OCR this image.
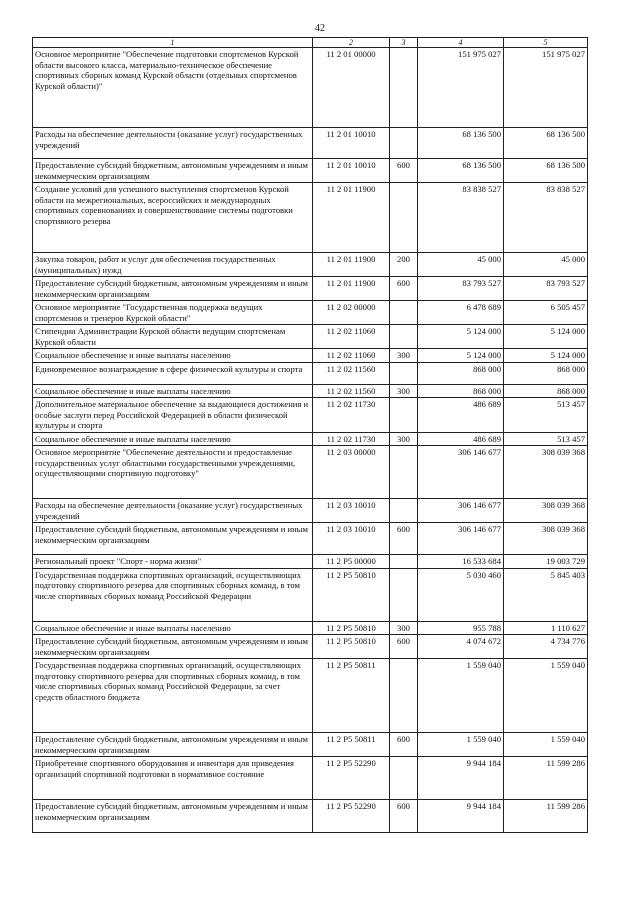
42
1	2	3	4	5
Основное мероприятие "Обеспечение подготовки спортсменов Курской области высокого класса, материально-техническое обеспечение спортивных сборных команд Курской области (отдельных спортсменов Курской области)"	11 2 01 00000		151 975 027	151 975 027
Расходы на обеспечение деятельности (оказание услуг) государственных учреждений	11 2 01 10010		68 136 500	68 136 500
Предоставление субсидий бюджетным, автономным учреждениям и иным некоммерческим организациям	11 2 01 10010	600	68 136 500	68 136 500
Создание условий для успешного выступления спортсменов Курской области на межрегиональных, всероссийских и международных спортивных соревнованиях и совершенствование системы подготовки спортивного резерва	11 2 01 11900		83 838 527	83 838 527
Закупка товаров, работ и услуг для обеспечения государственных (муниципальных) нужд	11 2 01 11900	200	45 000	45 000
Предоставление субсидий бюджетным, автономным учреждениям и иным некоммерческим организациям	11 2 01 11900	600	83 793 527	83 793 527
Основное мероприятие "Государственная поддержка ведущих спортсменов и тренеров Курской области"	11 2 02 00000		6 478 689	6 505 457
Стипендии Администрации Курской области ведущим спортсменам Курской области	11 2 02 11060		5 124 000	5 124 000
Социальное обеспечение и иные выплаты населению	11 2 02 11060	300	5 124 000	5 124 000
Единовременное вознаграждение в сфере физической культуры и спорта	11 2 02 11560		868 000	868 000
Социальное обеспечение и иные выплаты населению	11 2 02 11560	300	868 000	868 000
Дополнительное материальное обеспечение за выдающиеся достижения и особые заслуги перед Российской Федерацией в области физической культуры и спорта	11 2 02 11730		486 689	513 457
Социальное обеспечение и иные выплаты населению	11 2 02 11730	300	486 689	513 457
Основное мероприятие "Обеспечение деятельности и предоставление государственных услуг областными государственными учреждениями, осуществляющими спортивную подготовку"	11 2 03 00000		306 146 677	308 039 368
Расходы на обеспечение деятельности (оказание услуг) государственных учреждений	11 2 03 10010		306 146 677	308 039 368
Предоставление субсидий бюджетным, автономным учреждениям и иным некоммерческим организациям	11 2 03 10010	600	306 146 677	308 039 368
Региональный проект "Спорт - норма жизни"	11 2 P5 00000		16 533 684	19 003 729
Государственная поддержка спортивных организаций, осуществляющих подготовку спортивного резерва для спортивных сборных команд, в том числе спортивных сборных команд Российской Федерации	11 2 P5 50810		5 030 460	5 845 403
Социальное обеспечение и иные выплаты населению	11 2 P5 50810	300	955 788	1 110 627
Предоставление субсидий бюджетным, автономным учреждениям и иным некоммерческим организациям	11 2 P5 50810	600	4 074 672	4 734 776
Государственная поддержка спортивных организаций, осуществляющих подготовку спортивного резерва для спортивных сборных команд, в том числе спортивных сборных команд Российской Федерации, за счет средств областного бюджета	11 2 P5 50811		1 559 040	1 559 040
Предоставление субсидий бюджетным, автономным учреждениям и иным некоммерческим организациям	11 2 P5 50811	600	1 559 040	1 559 040
Приобретение спортивного оборудования и инвентаря для приведения организаций спортивной подготовки в нормативное состояние	11 2 P5 52290		9 944 184	11 599 286
Предоставление субсидий бюджетным, автономным учреждениям и иным некоммерческим организациям	11 2 P5 52290	600	9 944 184	11 599 286
